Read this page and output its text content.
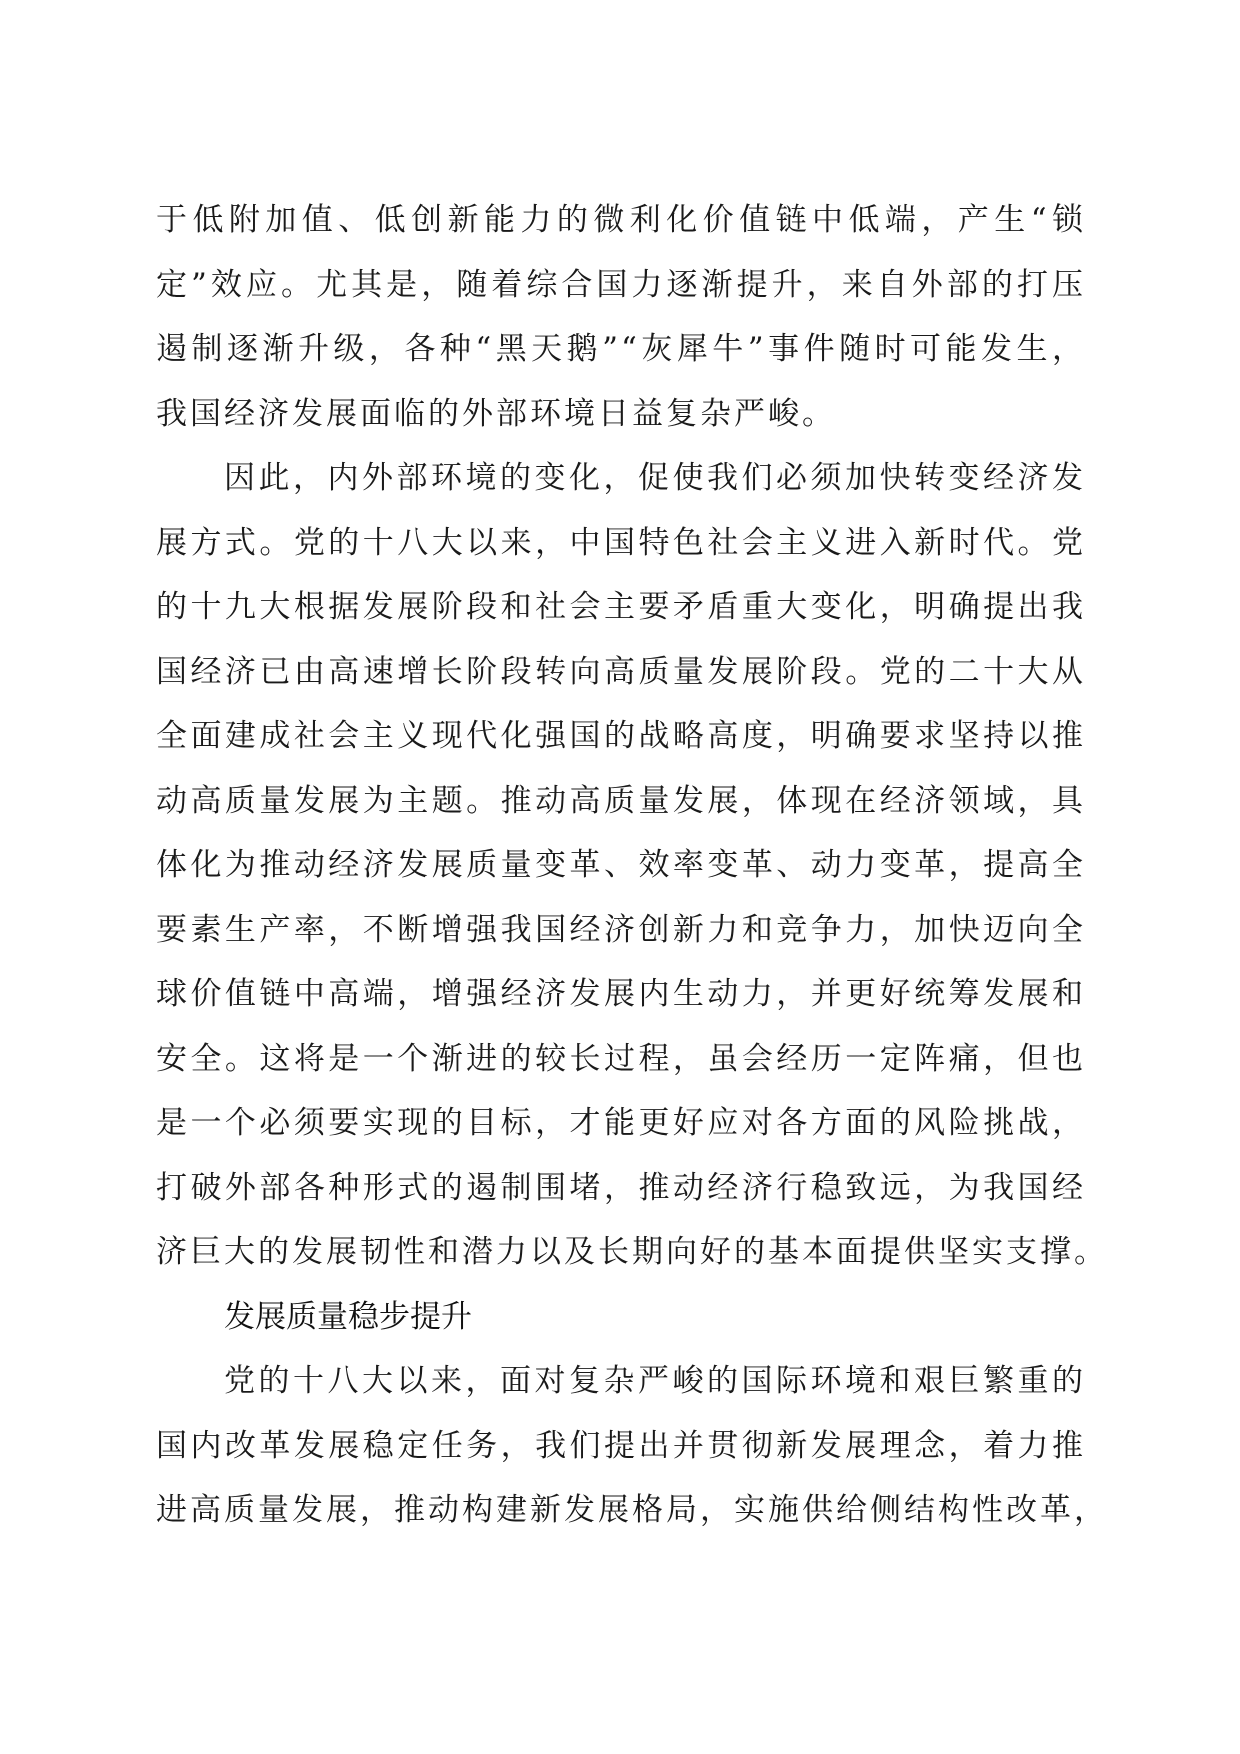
于低附加值、低创新能力的微利化价值链中低端，产生“锁
定”效应。尤其是，随着综合国力逐渐提升，来自外部的打压
遏制逐渐升级，各种“黑天鹅”“灰犀牛”事件随时可能发生，
我国经济发展面临的外部环境日益复杂严峻。
因此，内外部环境的变化，促使我们必须加快转变经济发
展方式。党的十八大以来，中国特色社会主义进入新时代。党
的十九大根据发展阶段和社会主要矛盾重大变化，明确提出我
国经济已由高速增长阶段转向高质量发展阶段。党的二十大从
全面建成社会主义现代化强国的战略高度，明确要求坚持以推
动高质量发展为主题。推动高质量发展，体现在经济领域，具
体化为推动经济发展质量变革、效率变革、动力变革，提高全
要素生产率，不断增强我国经济创新力和竞争力，加快迈向全
球价值链中高端，增强经济发展内生动力，并更好统筹发展和
安全。这将是一个渐进的较长过程，虽会经历一定阵痛，但也
是一个必须要实现的目标，才能更好应对各方面的风险挑战，
打破外部各种形式的遏制围堵，推动经济行稳致远，为我国经
济巨大的发展韧性和潜力以及长期向好的基本面提供坚实支撑。
发展质量稳步提升
党的十八大以来，面对复杂严峻的国际环境和艰巨繁重的
国内改革发展稳定任务，我们提出并贯彻新发展理念，着力推
进高质量发展，推动构建新发展格局，实施供给侧结构性改革，
